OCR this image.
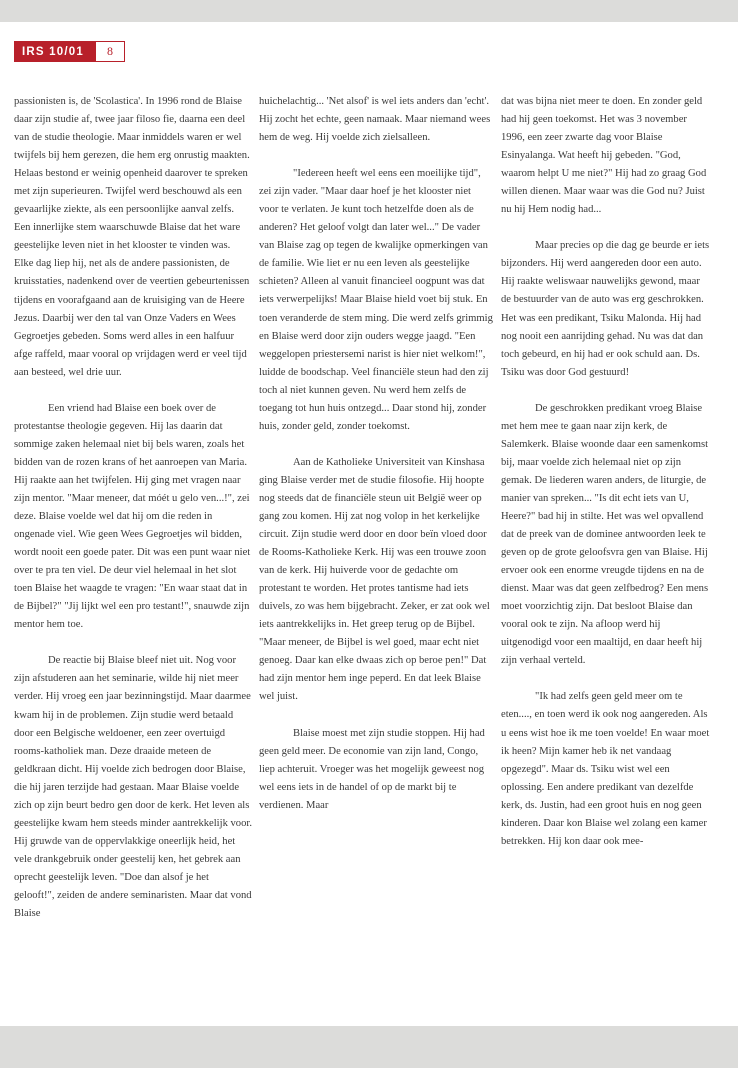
IRS 10/01	8

passionisten is, de 'Scolastica'. In 1996 rond de Blaise daar zijn studie af, twee jaar filoso fie, daarna een deel van de studie theologie. Maar inmiddels waren er wel twijfels bij hem gerezen, die hem erg onrustig maakten. Helaas bestond er weinig openheid daarover te spreken met zijn superieuren. Twijfel werd beschouwd als een gevaarlijke ziekte, als een persoonlijke aanval zelfs. Een innerlijke stem waarschuwde Blaise dat het ware geestelijke leven niet in het klooster te vinden was. Elke dag liep hij, net als de andere passionisten, de kruisstaties, nadenkend over de veertien gebeurtenissen tijdens en voorafgaand aan de kruisiging van de Heere Jezus. Daarbij wer den tal van Onze Vaders en Wees Gegroetjes gebeden. Soms werd alles in een halfuur afge raffeld, maar vooral op vrijdagen werd er veel tijd aan besteed, wel drie uur.

Een vriend had Blaise een boek over de protestantse theologie gegeven. Hij las daarin dat sommige zaken helemaal niet bij bels waren, zoals het bidden van de rozen krans of het aanroepen van Maria. Hij raakte aan het twijfelen. Hij ging met vragen naar zijn mentor. "Maar meneer, dat móét u gelo ven...!", zei deze. Blaise voelde wel dat hij om die reden in ongenade viel. Wie geen Wees Gegroetjes wil bidden, wordt nooit een goede pater. Dit was een punt waar niet over te pra ten viel. De deur viel helemaal in het slot toen Blaise het waagde te vragen: "En waar staat dat in de Bijbel?" "Jij lijkt wel een pro testant!", snauwde zijn mentor hem toe.

De reactie bij Blaise bleef niet uit. Nog voor zijn afstuderen aan het seminarie, wilde hij niet meer verder. Hij vroeg een jaar bezinningstijd. Maar daarmee kwam hij in de problemen. Zijn studie werd betaald door een Belgische weldoener, een zeer overtuigd rooms-katholiek man. Deze draaide meteen de geldkraan dicht. Hij voelde zich bedrogen door Blaise, die hij jaren terzijde had gestaan. Maar Blaise voelde zich op zijn beurt bedro gen door de kerk. Het leven als geestelijke kwam hem steeds minder aantrekkelijk voor. Hij gruwde van de oppervlakkige oneerlijk heid, het vele drankgebruik onder geestelij ken, het gebrek aan oprecht geestelijk leven. "Doe dan alsof je het gelooft!", zeiden de andere seminaristen. Maar dat vond Blaise

huichelachtig... 'Net alsof' is wel iets anders dan 'echt'. Hij zocht het echte, geen namaak. Maar niemand wees hem de weg. Hij voelde zich zielsalleen.

"Iedereen heeft wel eens een moeilijke tijd", zei zijn vader. "Maar daar hoef je het klooster niet voor te verlaten. Je kunt toch hetzelfde doen als de anderen? Het geloof volgt dan later wel..." De vader van Blaise zag op tegen de kwalijke opmerkingen van de familie. Wie liet er nu een leven als geestelijke schieten? Alleen al vanuit financieel oogpunt was dat iets verwerpelijks! Maar Blaise hield voet bij stuk. En toen veranderde de stem ming. Die werd zelfs grimmig en Blaise werd door zijn ouders wegge jaagd. "Een weggelopen priestersemi narist is hier niet welkom!", luidde de boodschap. Veel financiële steun had den zij toch al niet kunnen geven. Nu werd hem zelfs de toegang tot hun huis ontzegd... Daar stond hij, zonder huis, zonder geld, zonder toekomst.

Aan de Katholieke Universiteit van Kinshasa ging Blaise verder met de studie filosofie. Hij hoopte nog steeds dat de financiële steun uit België weer op gang zou komen. Hij zat nog volop in het kerkelijke circuit. Zijn studie werd door en door beïn vloed door de Rooms-Katholieke Kerk. Hij was een trouwe zoon van de kerk. Hij huiverde voor de gedachte om protestant te worden. Het protes tantisme had iets duivels, zo was hem bijgebracht. Zeker, er zat ook wel iets aantrekkelijks in. Het greep terug op de Bijbel. "Maar meneer, de Bijbel is wel goed, maar echt niet genoeg. Daar kan elke dwaas zich op beroe pen!" Dat had zijn mentor hem inge peperd. En dat leek Blaise wel juist.

Blaise moest met zijn studie stoppen. Hij had geen geld meer. De economie van zijn land, Congo, liep achteruit. Vroeger was het mogelijk geweest nog wel eens iets in de handel of op de markt bij te verdienen. Maar

dat was bijna niet meer te doen. En zonder geld had hij geen toekomst. Het was 3 november 1996, een zeer zwarte dag voor Blaise Esinyalanga. Wat heeft hij gebeden. "God, waarom helpt U me niet?" Hij had zo graag God willen dienen. Maar waar was die God nu? Juist nu hij Hem nodig had...

Maar precies op die dag ge beurde er iets bijzonders. Hij werd aangereden door een auto. Hij raakte weliswaar nauwelijks gewond, maar de bestuurder van de auto was erg geschrokken. Het was een predikant, Tsiku Malonda. Hij had nog nooit een aanrijding gehad. Nu was dat dan toch gebeurd, en hij had er ook schuld aan. Ds. Tsiku was door God gestuurd!

De geschrokken predikant vroeg Blaise met hem mee te gaan naar zijn kerk, de Salemkerk. Blaise woonde daar een samenkomst bij, maar voelde zich helemaal niet op zijn gemak. De liederen waren anders, de liturgie, de manier van spreken... "Is dit echt iets van U, Heere?" bad hij in stilte. Het was wel opvallend dat de preek van de dominee antwoorden leek te geven op de grote geloofsvra gen van Blaise. Hij ervoer ook een enorme vreugde tijdens en na de dienst. Maar was dat geen zelfbedrog? Een mens moet voorzichtig zijn. Dat besloot Blaise dan vooral ook te zijn. Na afloop werd hij uitgenodigd voor een maaltijd, en daar heeft hij zijn verhaal verteld.

"Ik had zelfs geen geld meer om te eten...., en toen werd ik ook nog aangereden. Als u eens wist hoe ik me toen voelde! En waar moet ik heen? Mijn kamer heb ik net vandaag opgezegd". Maar ds. Tsiku wist wel een oplossing. Een andere predikant van dezelfde kerk, ds. Justin, had een groot huis en nog geen kinderen. Daar kon Blaise wel zolang een kamer betrekken. Hij kon daar ook mee-
